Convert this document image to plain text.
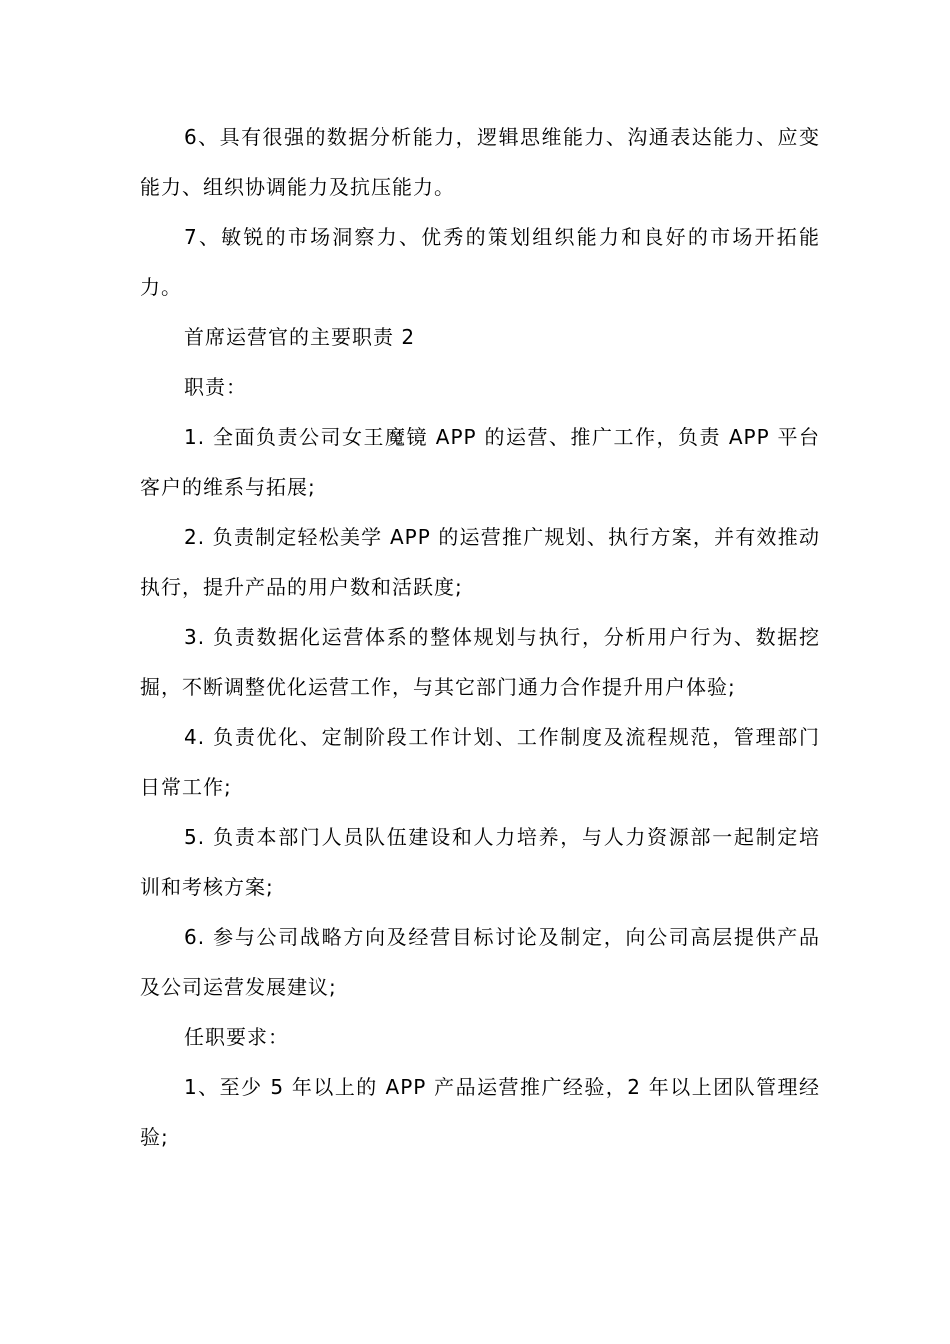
6、具有很强的数据分析能力，逻辑思维能力、沟通表达能力、应变能力、组织协调能力及抗压能力。

7、敏锐的市场洞察力、优秀的策划组织能力和良好的市场开拓能力。

首席运营官的主要职责 2

职责：

1. 全面负责公司女王魔镜 APP 的运营、推广工作，负责 APP 平台客户的维系与拓展;

2. 负责制定轻松美学 APP 的运营推广规划、执行方案，并有效推动执行，提升产品的用户数和活跃度;

3. 负责数据化运营体系的整体规划与执行，分析用户行为、数据挖掘，不断调整优化运营工作，与其它部门通力合作提升用户体验;

4. 负责优化、定制阶段工作计划、工作制度及流程规范，管理部门日常工作;

5. 负责本部门人员队伍建设和人力培养，与人力资源部一起制定培训和考核方案;

6. 参与公司战略方向及经营目标讨论及制定，向公司高层提供产品及公司运营发展建议;

任职要求：

1、至少 5 年以上的 APP 产品运营推广经验，2 年以上团队管理经验;
